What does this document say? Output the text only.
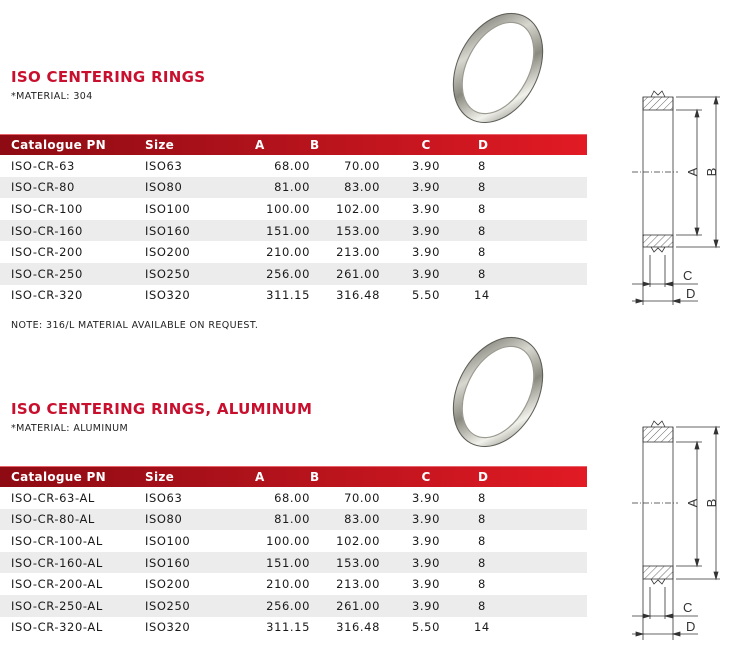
ISO CENTERING RINGS
*MATERIAL: 304
Catalogue PN	Size	A	B	C	D
ISO-CR-63	ISO63	68.00	70.00	3.90	8
ISO-CR-80	ISO80	81.00	83.00	3.90	8
ISO-CR-100	ISO100	100.00	102.00	3.90	8
ISO-CR-160	ISO160	151.00	153.00	3.90	8
ISO-CR-200	ISO200	210.00	213.00	3.90	8
ISO-CR-250	ISO250	256.00	261.00	3.90	8
ISO-CR-320	ISO320	311.15	316.48	5.50	14
NOTE: 316/L MATERIAL AVAILABLE ON REQUEST.
A B
C
D
ISO CENTERING RINGS, ALUMINUM
*MATERIAL: ALUMINUM
Catalogue PN	Size	A	B	C	D
ISO-CR-63-AL	ISO63	68.00	70.00	3.90	8
ISO-CR-80-AL	ISO80	81.00	83.00	3.90	8
ISO-CR-100-AL	ISO100	100.00	102.00	3.90	8
ISO-CR-160-AL	ISO160	151.00	153.00	3.90	8
ISO-CR-200-AL	ISO200	210.00	213.00	3.90	8
ISO-CR-250-AL	ISO250	256.00	261.00	3.90	8
ISO-CR-320-AL	ISO320	311.15	316.48	5.50	14
A B
C
D
